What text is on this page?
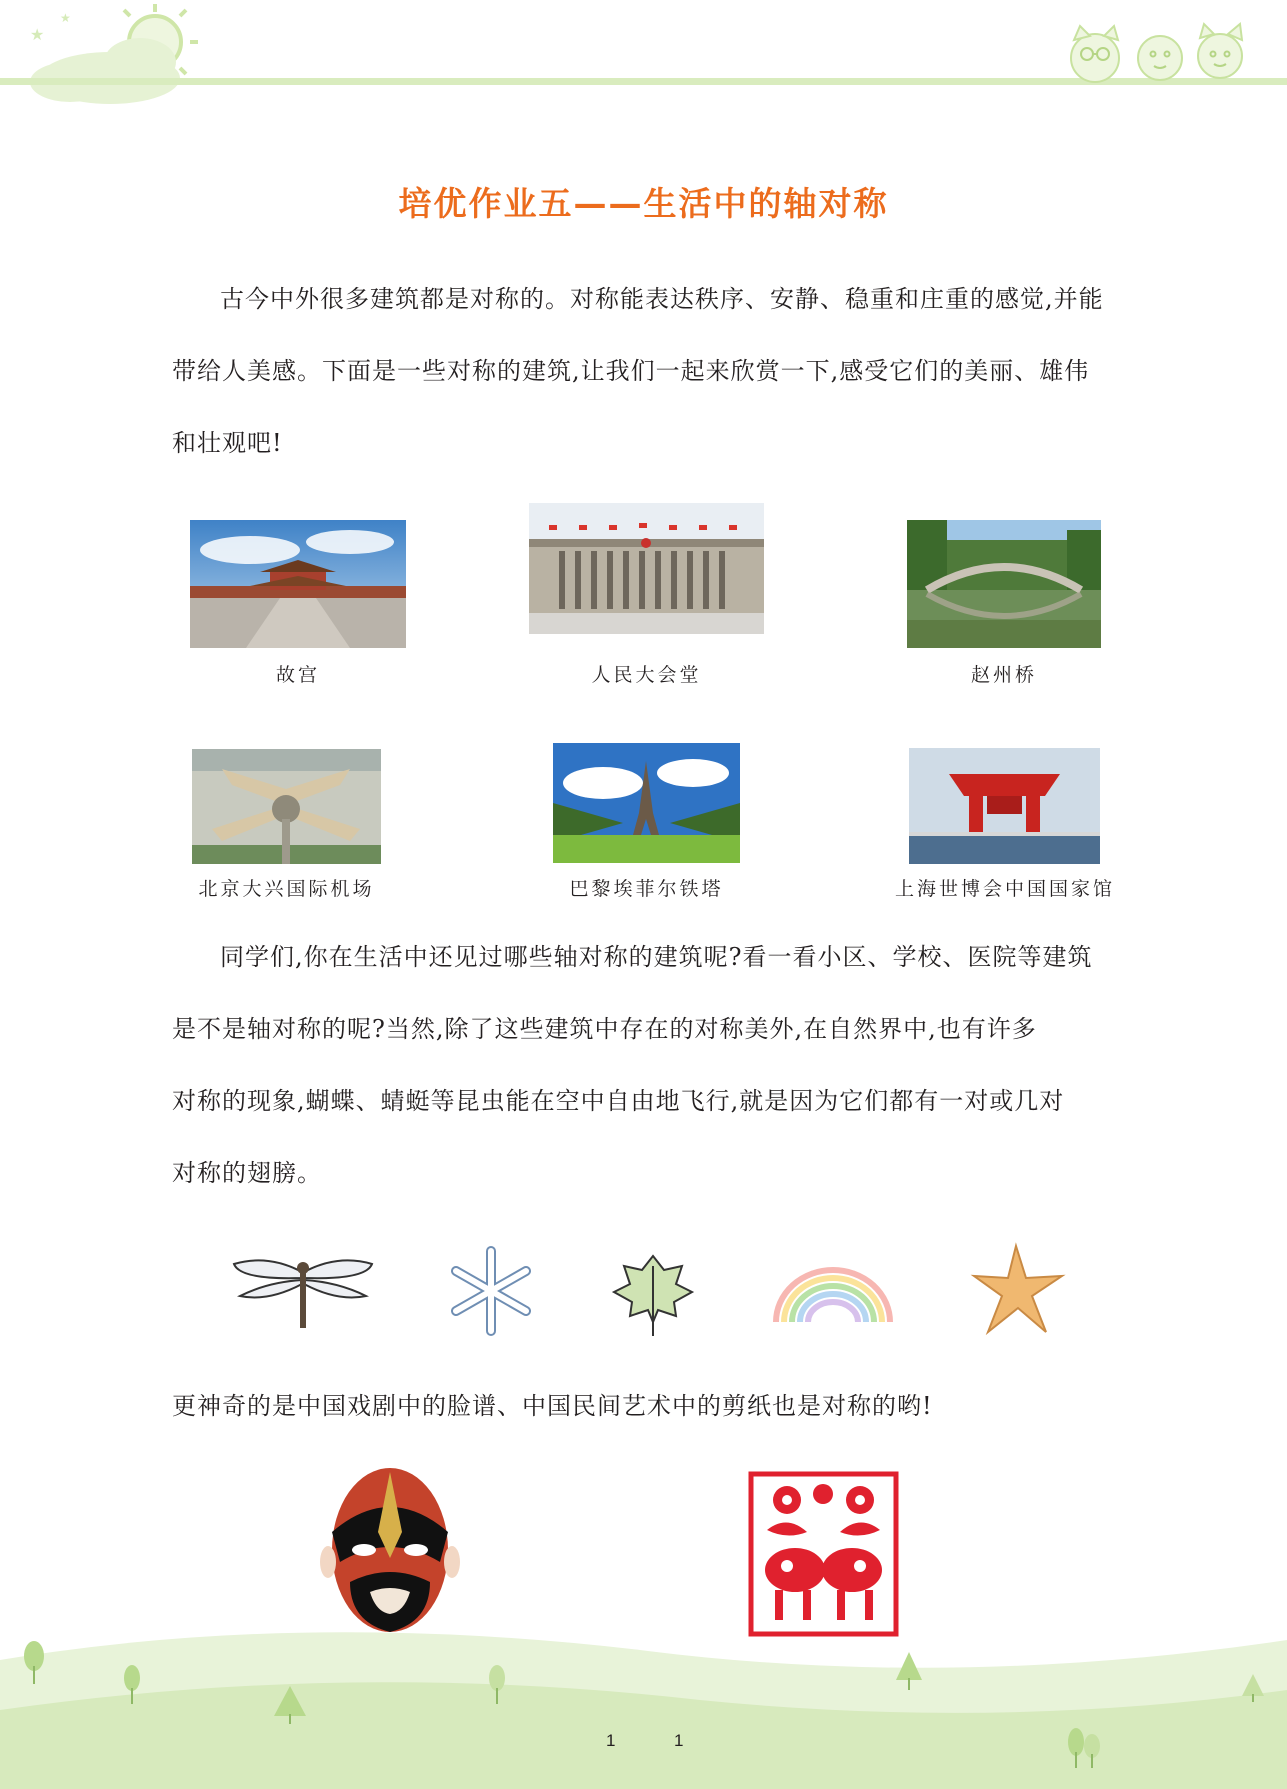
★
★
培优作业五——生活中的轴对称
古今中外很多建筑都是对称的。对称能表达秩序、安静、稳重和庄重的感觉,并能
带给人美感。下面是一些对称的建筑,让我们一起来欣赏一下,感受它们的美丽、雄伟
和壮观吧!
故宫	人民大会堂	赵州桥
北京大兴国际机场	巴黎埃菲尔铁塔	上海世博会中国国家馆
同学们,你在生活中还见过哪些轴对称的建筑呢?看一看小区、学校、医院等建筑
是不是轴对称的呢?当然,除了这些建筑中存在的对称美外,在自然界中,也有许多
对称的现象,蝴蝶、蜻蜓等昆虫能在空中自由地飞行,就是因为它们都有一对或几对
对称的翅膀。
更神奇的是中国戏剧中的脸谱、中国民间艺术中的剪纸也是对称的哟!
1	1
